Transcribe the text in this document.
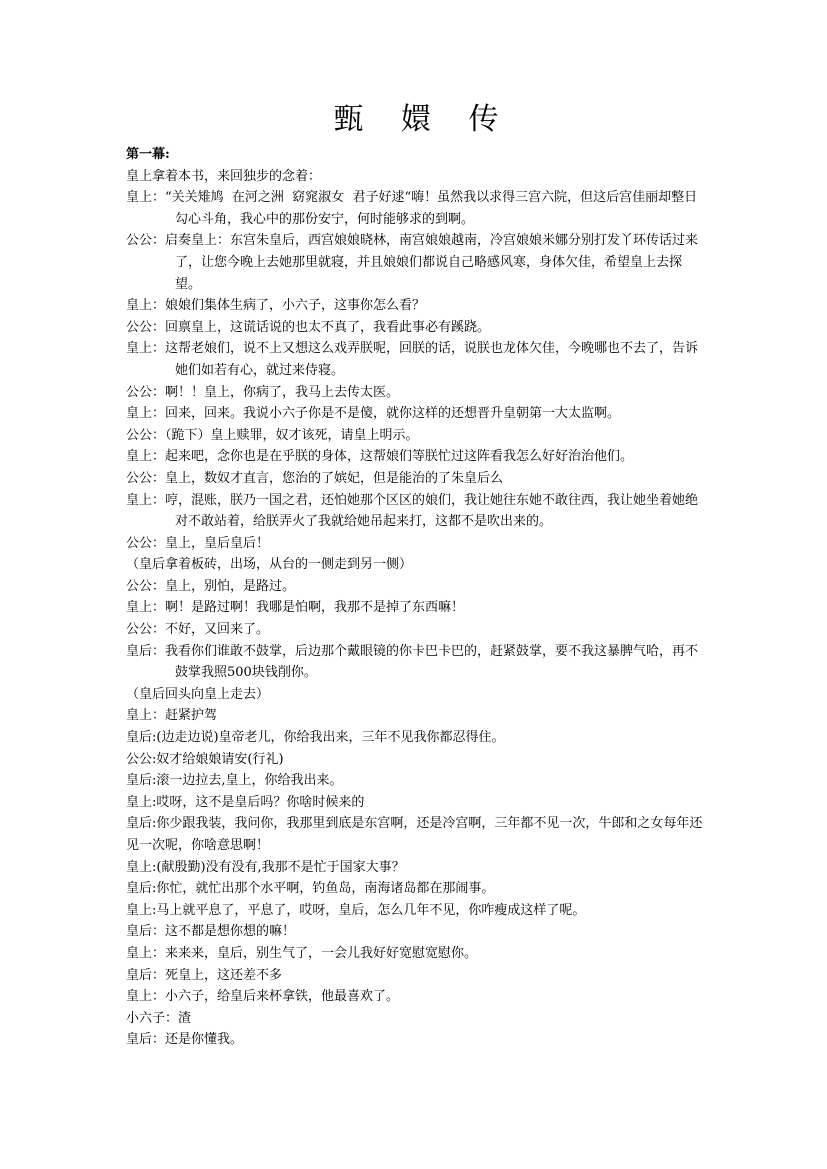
甄 嬛 传
第一幕:
皇上拿着本书，来回独步的念着：
皇上：“关关雉鸠  在河之洲  窈窕淑女  君子好逑“嗨！虽然我以求得三宫六院，但这后宫佳丽却整日勾心斗角，我心中的那份安宁，何时能够求的到啊。
公公：启奏皇上：东宫朱皇后，西宫娘娘晓林，南宫娘娘越南，冷宫娘娘米娜分别打发丫环传话过来了，让您今晚上去她那里就寝，并且娘娘们都说自己略感风寒，身体欠佳，希望皇上去探望。
皇上：娘娘们集体生病了，小六子，这事你怎么看？
公公：回禀皇上，这谎话说的也太不真了，我看此事必有蹊跷。
皇上：这帮老娘们，说不上又想这么戏弄朕呢，回朕的话，说朕也龙体欠佳，今晚哪也不去了，告诉她们如若有心，就过来侍寝。
公公：啊！！皇上，你病了，我马上去传太医。
皇上：回来，回来。我说小六子你是不是傻，就你这样的还想晋升皇朝第一大太监啊。
公公：（跪下）皇上赎罪，奴才该死，请皇上明示。
皇上：起来吧，念你也是在乎朕的身体，这帮娘们等朕忙过这阵看我怎么好好治治他们。
公公：皇上，数奴才直言，您治的了嫔妃，但是能治的了朱皇后么
皇上：哼，混账，朕乃一国之君，还怕她那个区区的娘们，我让她往东她不敢往西，我让她坐着她绝对不敢站着，给朕弄火了我就给她吊起来打，这都不是吹出来的。
公公：皇上，皇后皇后！
（皇后拿着板砖，出场，从台的一侧走到另一侧）
公公：皇上，别怕，是路过。
皇上：啊！是路过啊！我哪是怕啊，我那不是掉了东西嘛！
公公：不好，又回来了。
皇后：我看你们谁敢不鼓掌，后边那个戴眼镜的你卡巴卡巴的，赶紧鼓掌，要不我这暴脾气哈，再不鼓掌我照500块钱削你。
（皇后回头向皇上走去）
皇上：赶紧护驾
皇后:(边走边说)皇帝老儿，你给我出来，三年不见我你都忍得住。
公公:奴才给娘娘请安(行礼)
皇后:滚一边拉去,皇上，你给我出来。
皇上:哎呀，这不是皇后吗？你啥时候来的
皇后:你少跟我装，我问你，我那里到底是东宫啊，还是冷宫啊，三年都不见一次，牛郎和之女每年还见一次呢，你啥意思啊！
皇上:(献殷勤)没有没有,我那不是忙于国家大事？
皇后:你忙，就忙出那个水平啊，钓鱼岛，南海诸岛都在那闹事。
皇上:马上就平息了，平息了，哎呀，皇后，怎么几年不见，你咋瘦成这样了呢。
皇后：这不都是想你想的嘛！
皇上：来来来，皇后，别生气了，一会儿我好好宽慰宽慰你。
皇后：死皇上，这还差不多
皇上：小六子，给皇后来杯拿铁，他最喜欢了。
小六子：渣
皇后：还是你懂我。
